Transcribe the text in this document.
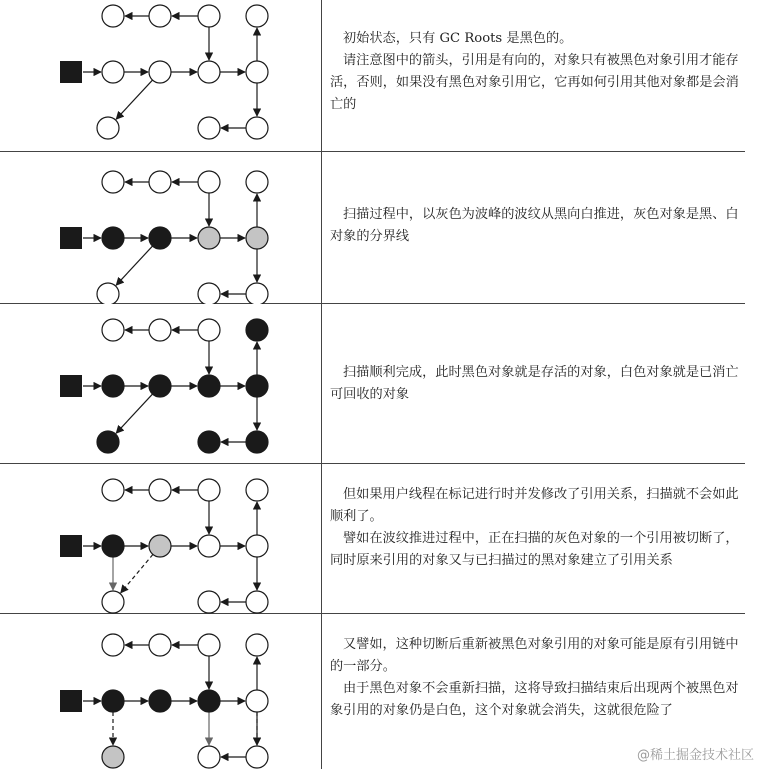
初始状态，只有 GC Roots 是黑色的。

请注意图中的箭头，引用是有向的，对象只有被黑色对象引用才能存活，否则，如果没有黑色对象引用它，它再如何引用其他对象都是会消亡的

扫描过程中，以灰色为波峰的波纹从黑向白推进，灰色对象是黑、白对象的分界线

扫描顺利完成，此时黑色对象就是存活的对象，白色对象就是已消亡可回收的对象

但如果用户线程在标记进行时并发修改了引用关系，扫描就不会如此顺利了。

譬如在波纹推进过程中，正在扫描的灰色对象的一个引用被切断了，同时原来引用的对象又与已扫描过的黑对象建立了引用关系

又譬如，这种切断后重新被黑色对象引用的对象可能是原有引用链中的一部分。

由于黑色对象不会重新扫描，这将导致扫描结束后出现两个被黑色对象引用的对象仍是白色，这个对象就会消失，这就很危险了

@稀土掘金技术社区
